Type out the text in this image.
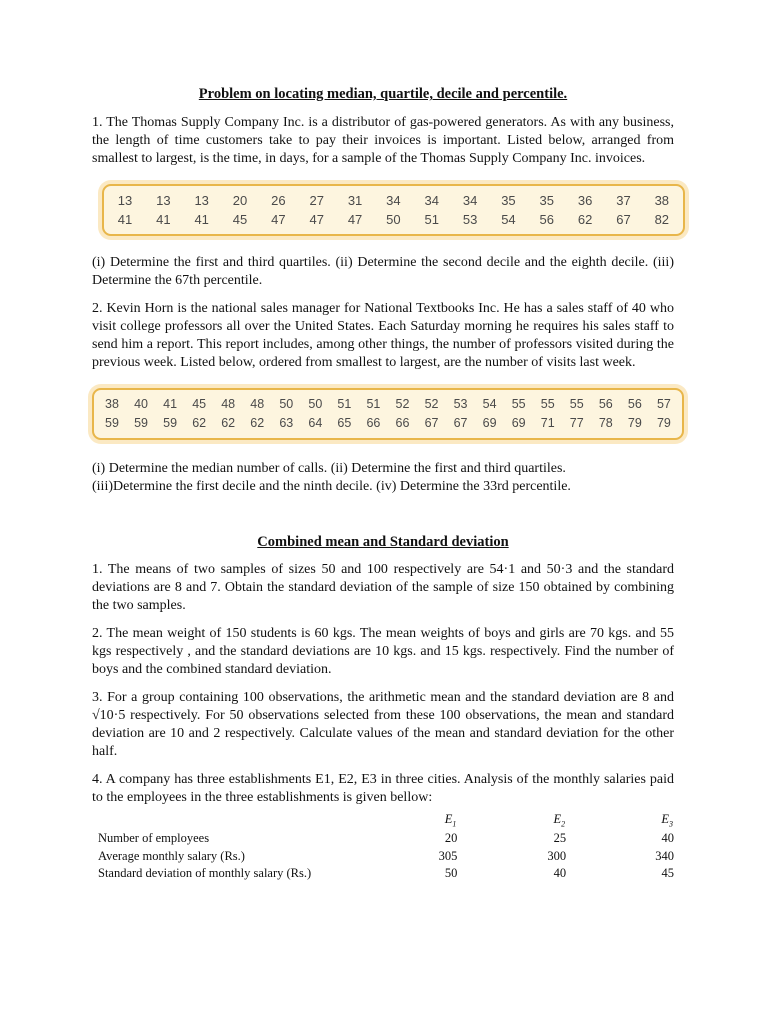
Problem on locating median, quartile, decile and percentile.

1. The Thomas Supply Company Inc. is a distributor of gas-powered generators. As with any business, the length of time customers take to pay their invoices is important. Listed below, arranged from smallest to largest, is the time, in days, for a sample of the Thomas Supply Company Inc. invoices.

13	13	13	20	26	27	31	34	34	34	35	35	36	37	38
41	41	41	45	47	47	47	50	51	53	54	56	62	67	82

(i) Determine the first and third quartiles. (ii) Determine the second decile and the eighth decile. (iii) Determine the 67th percentile.

2. Kevin Horn is the national sales manager for National Textbooks Inc. He has a sales staff of 40 who visit college professors all over the United States. Each Saturday morning he requires his sales staff to send him a report. This report includes, among other things, the number of professors visited during the previous week. Listed below, ordered from smallest to largest, are the number of visits last week.

38	40	41	45	48	48	50	50	51	51	52	52	53	54	55	55	55	56	56	57
59	59	59	62	62	62	63	64	65	66	66	67	67	69	69	71	77	78	79	79

(i) Determine the median number of calls. (ii) Determine the first and third quartiles.

(iii)Determine the first decile and the ninth decile. (iv) Determine the 33rd percentile.

Combined mean and Standard deviation

1. The means of two samples of sizes 50 and 100 respectively are 54·1 and 50·3 and the standard deviations are 8 and 7. Obtain the standard deviation of the sample of size 150 obtained by combining the two samples.

2. The mean weight of 150 students is 60 kgs. The mean weights of boys and girls are 70 kgs. and 55 kgs respectively , and the standard deviations are 10 kgs. and 15 kgs. respectively. Find the number of boys and the combined standard deviation.

3. For a group containing 100 observations, the arithmetic mean and the standard deviation are 8 and √10·5 respectively. For 50 observations selected from these 100 observations, the mean and standard deviation are 10 and 2 respectively. Calculate values of the mean and standard deviation for the other half.

4. A company has three establishments E1, E2, E3 in three cities. Analysis of the monthly salaries paid to the employees in the three establishments is given bellow:

	$E_1$	$E_2$	$E_3$
Number of employees	20	25	40
Average monthly salary (Rs.)	305	300	340
Standard deviation of monthly salary (Rs.)	50	40	45
